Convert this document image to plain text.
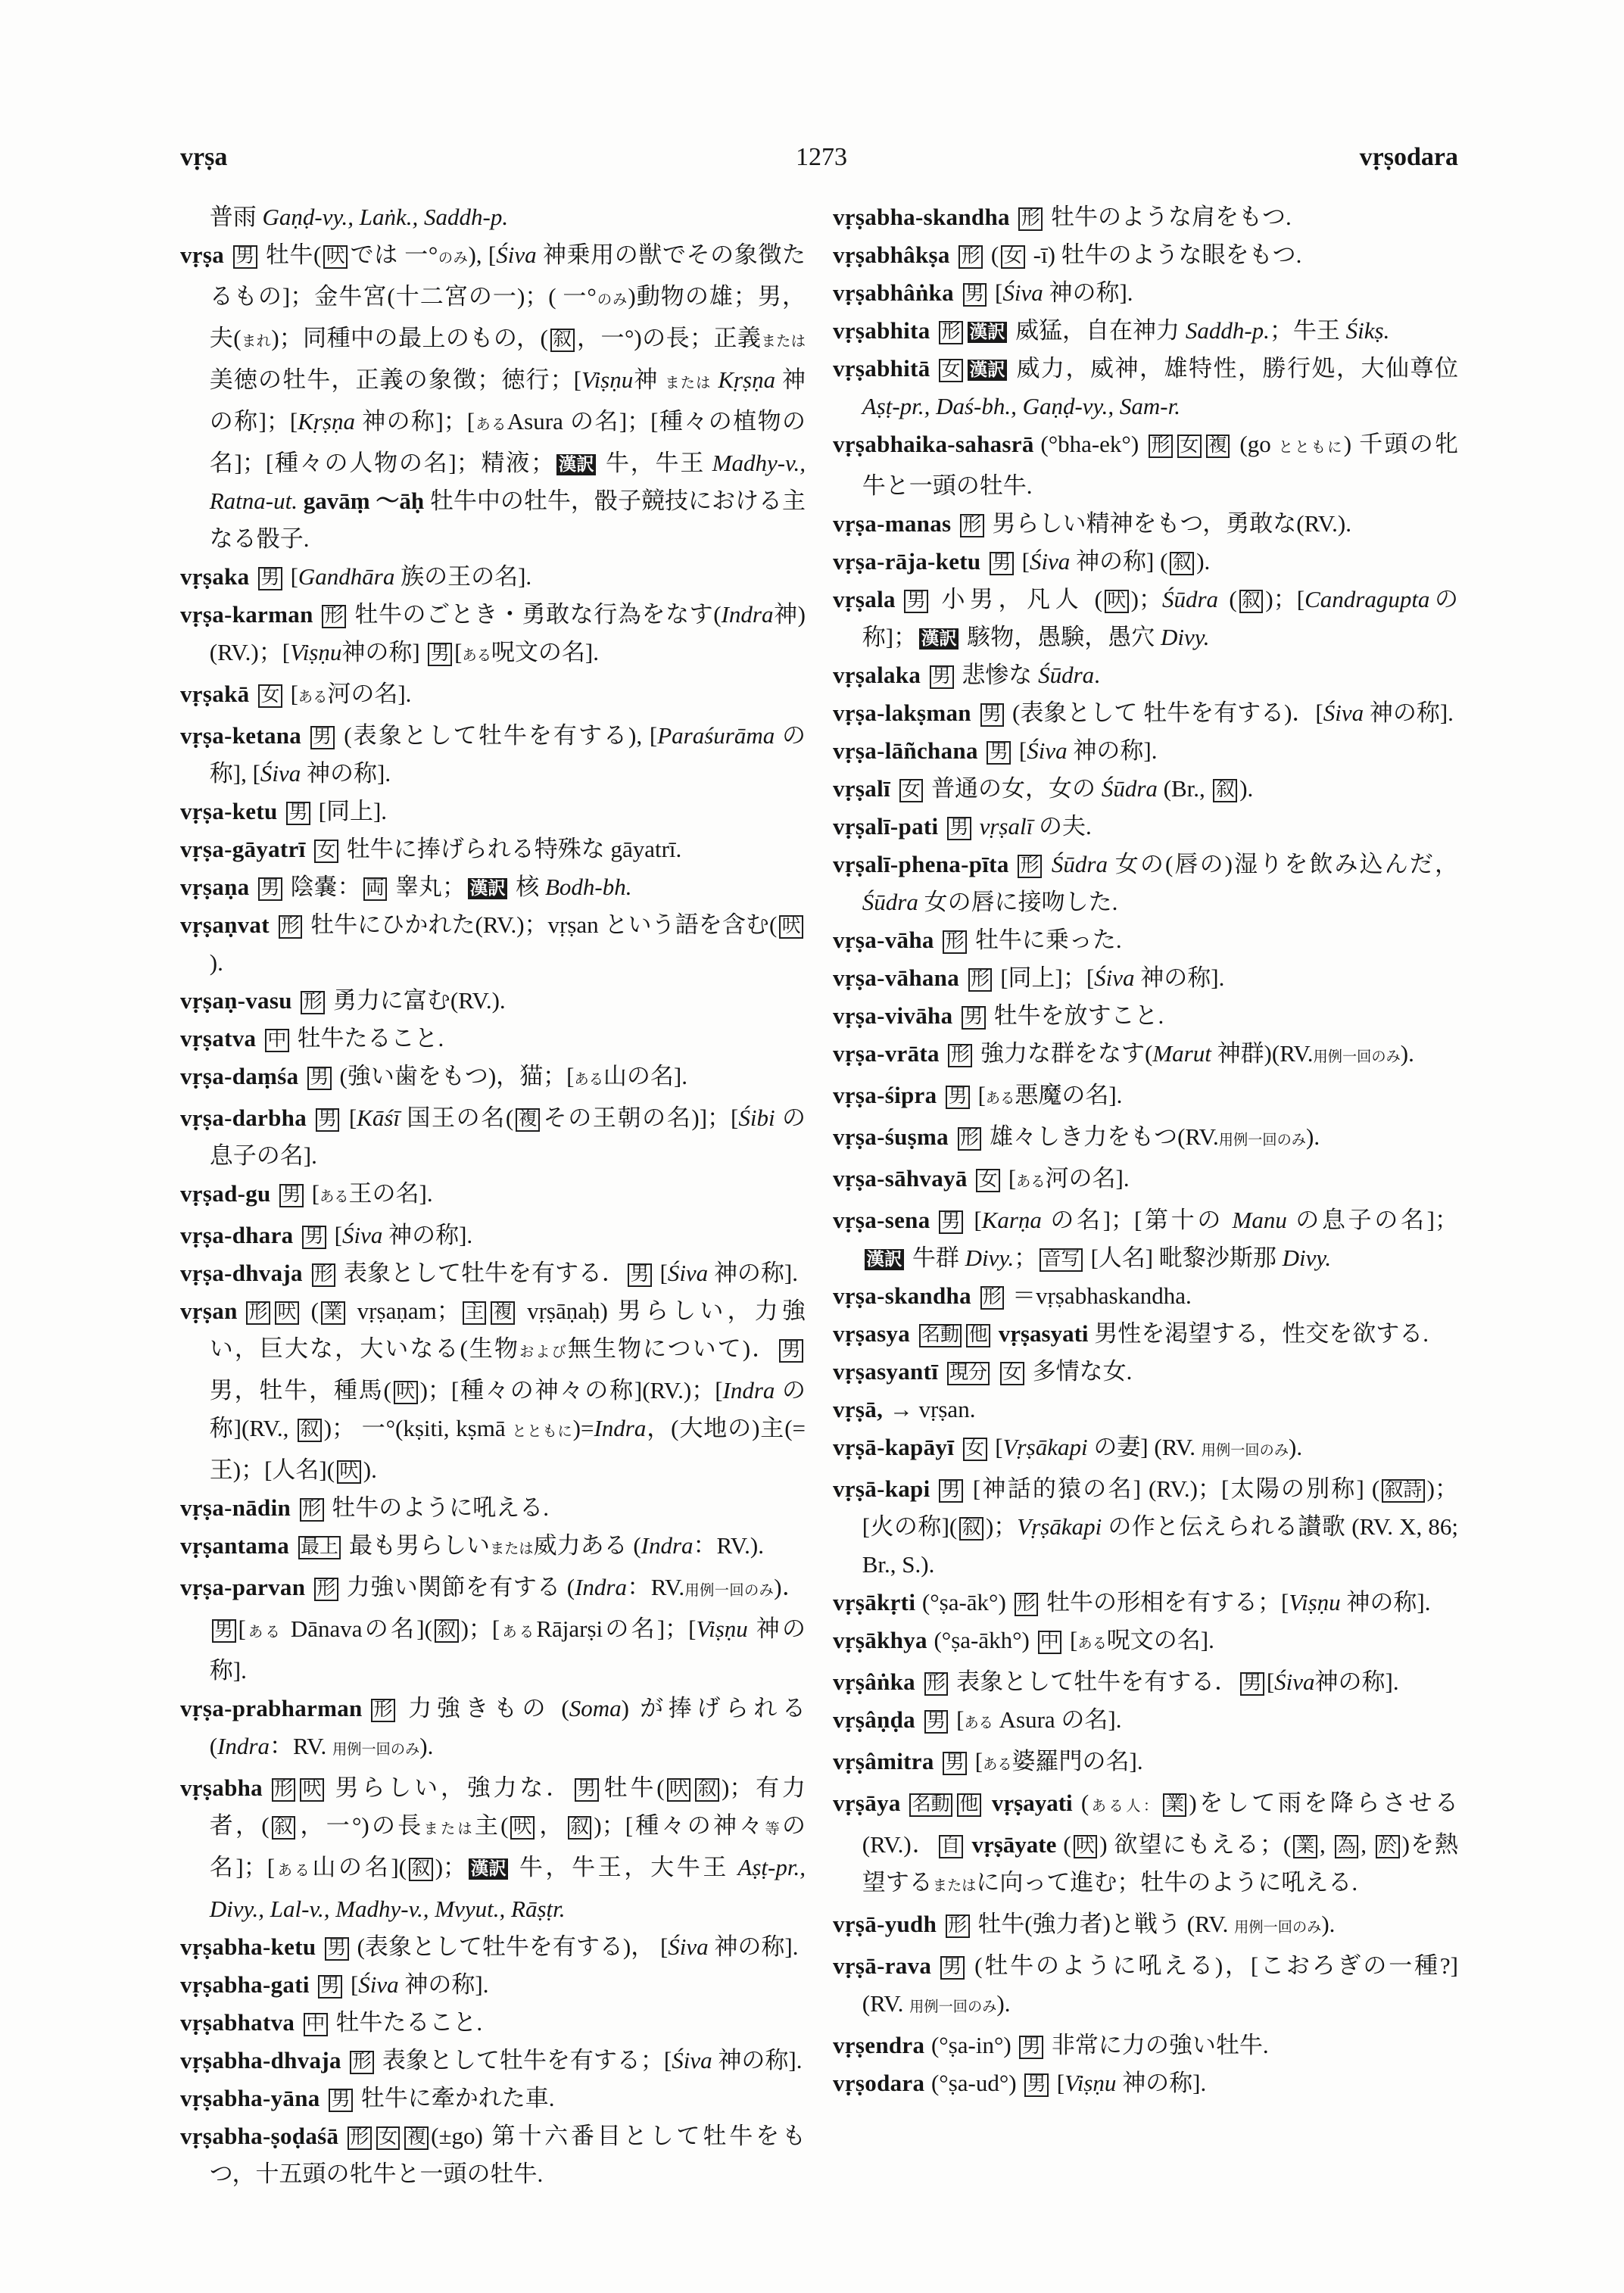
vṛṣa	1273	vṛṣodara
普雨 Gaṇḍ-vy., Laṅk., Saddh-p.
vṛṣa 男 牡牛( 吠 では 一°のみ), [Śiva 神乗用の獣でその象徴たるもの]；金牛宮(十二宮の一)；( 一°のみ)動物の雄；男，夫(まれ)；同種中の最上のもの，( 叙 ，一°)の長；正義または美徳の牡牛，正義の象徴；徳行；[Viṣṇu神 または Kṛṣṇa 神の称]；[Kṛṣṇa 神の称]；[あるAsura の名]；[種々の植物の名]；[種々の人物の名]；精液； 漢訳 牛，牛王 Madhy-v., Ratna-ut. gavāṃ ～āḥ 牡牛中の牡牛，骰子競技における主なる骰子.
vṛṣaka 男 [Gandhāra 族の王の名].
vṛṣa-karman 形 牡牛のごとき・勇敢な行為をなす(Indra神)(RV.)；[Viṣṇu神の称] 男 [ある呪文の名].
vṛṣakā 女 [ある河の名].
vṛṣa-ketana 男 (表象として牡牛を有する), [Paraśurāma の称], [Śiva 神の称].
vṛṣa-ketu 男 [同上].
vṛṣa-gāyatrī 女 牡牛に捧げられる特殊な gāyatrī.
vṛṣaṇa 男 陰嚢： 両 睾丸； 漢訳 核 Bodh-bh.
vṛṣaṇvat 形 牡牛にひかれた(RV.)；vṛṣan という語を含む( 吠).
vṛṣaṇ-vasu 形 勇力に富む(RV.).
vṛṣatva 中 牡牛たること.
vṛṣa-daṃśa 男 (強い歯をもつ)，猫；[ある山の名].
vṛṣa-darbha 男 [Kāśī 国王の名( 複 その王朝の名)]；[Śibi の息子の名].
vṛṣad-gu 男 [ある王の名].
vṛṣa-dhara 男 [Śiva 神の称].
vṛṣa-dhvaja 形 表象として牡牛を有する． 男 [Śiva 神の称].
vṛṣan 形 吠 ( 業 vṛṣaṇam； 主 複 vṛṣāṇaḥ) 男らしい，力強い，巨大な，大いなる(生物および無生物について)． 男 男，牡牛，種馬( 吠 )；[種々の神々の称](RV.)；[Indra の称](RV., 叙 )； 一°(kṣiti, kṣmā とともに)=Indra，(大地の)主(=王)；[人名]( 吠 ).
vṛṣa-nādin 形 牡牛のように吼える.
vṛṣantama 最上 最も男らしいまたは威力ある (Indra：RV.).
vṛṣa-parvan 形 力強い関節を有する (Indra：RV.用例一回のみ)．男 [ある Dānavaの名]( 叙 )；[あるRājarṣiの名]；[Viṣṇu 神の称].
vṛṣa-prabharman 形 力強きもの (Soma) が捧げられる (Indra：RV. 用例一回のみ).
vṛṣabha 形 吠 男らしい，強力な． 男 牡牛( 吠 叙 )；有力者，( 叙 ，一°)の長または主( 吠 ， 叙 )；[種々の神々等の名]；[ある山の名]( 叙 )； 漢訳 牛，牛王，大牛王 Aṣṭ-pr., Divy., Lal-v., Madhy-v., Mvyut., Rāṣṭr.
vṛṣabha-ketu 男 (表象として牡牛を有する)， [Śiva 神の称].
vṛṣabha-gati 男 [Śiva 神の称].
vṛṣabhatva 中 牡牛たること.
vṛṣabha-dhvaja 形 表象として牡牛を有する；[Śiva 神の称].
vṛṣabha-yāna 男 牡牛に牽かれた車.
vṛṣabha-ṣoḍaśā 形 女 複 (±go) 第十六番目として牡牛をもつ，十五頭の牝牛と一頭の牡牛.
vṛṣabha-skandha 形 牡牛のような肩をもつ.
vṛṣabhâkṣa 形 ( 女 -ī) 牡牛のような眼をもつ.
vṛṣabhâṅka 男 [Śiva 神の称].
vṛṣabhita 形 漢訳 威猛，自在神力 Saddh-p.；牛王 Śikṣ.
vṛṣabhitā 女 漢訳 威力，威神，雄特性，勝行処，大仙尊位 Aṣṭ-pr., Daś-bh., Gaṇḍ-vy., Sam-r.
vṛṣabhaika-sahasrā (°bha-ek°) 形 女 複 (go とともに) 千頭の牝牛と一頭の牡牛.
vṛṣa-manas 形 男らしい精神をもつ，勇敢な(RV.).
vṛṣa-rāja-ketu 男 [Śiva 神の称] ( 叙 ).
vṛṣala 男 小男，凡人 ( 吠 )；Śūdra ( 叙 )；[Candraguptaの 称]； 漢訳 駭物，愚験，愚穴 Divy.
vṛṣalaka 男 悲惨な Śūdra.
vṛṣa-lakṣman 男 (表象として 牡牛を有する)．[Śiva 神の称].
vṛṣa-lāñchana 男 [Śiva 神の称].
vṛṣalī 女 普通の女，女の Śūdra (Br., 叙 ).
vṛṣalī-pati 男 vṛṣalī の夫.
vṛṣalī-phena-pīta 形 Śūdra 女の(唇の)湿りを飲み込んだ，Śūdra 女の唇に接吻した.
vṛṣa-vāha 形 牡牛に乗った.
vṛṣa-vāhana 形 [同上]；[Śiva 神の称].
vṛṣa-vivāha 男 牡牛を放すこと.
vṛṣa-vrāta 形 強力な群をなす(Marut 神群)(RV.用例一回のみ).
vṛṣa-śipra 男 [ある悪魔の名].
vṛṣa-śuṣma 形 雄々しき力をもつ(RV.用例一回のみ).
vṛṣa-sāhvayā 女 [ある河の名].
vṛṣa-sena 男 [Karṇa の名]；[第十の Manu の息子の名]；漢訳 牛群 Divy.； 音写 [人名] 毗黎沙斯那 Divy.
vṛṣa-skandha 形 ＝vṛṣabhaskandha.
vṛṣasya 名動 他 vṛṣasyati 男性を渇望する，性交を欲する.
vṛṣasyantī 現分 女 多情な女.
vṛṣā, → vṛṣan.
vṛṣā-kapāyī 女 [Vṛṣākapi の妻] (RV. 用例一回のみ).
vṛṣā-kapi 男 [神話的猿の名] (RV.)；[太陽の別称] ( 叙詩 )；[火の称]( 叙 )；Vṛṣākapi の作と伝えられる讃歌 (RV. X, 86; Br., S.).
vṛṣākṛti (°ṣa-āk°) 形 牡牛の形相を有する；[Viṣṇu 神の称].
vṛṣākhya (°ṣa-ākh°) 中 [ある呪文の名].
vṛṣâṅka 形 表象として牡牛を有する． 男 [Śiva神の称].
vṛṣâṇḍa 男 [ある Asura の名].
vṛṣâmitra 男 [ある婆羅門の名].
vṛṣāya 名動 他 vṛṣayati (ある人： 業 )をして雨を降らさせる (RV.)． 自 vṛṣāyate ( 吠 ) 欲望にもえる；( 業 , 為 , 於 )を熱望するまたはに向って進む；牡牛のように吼える.
vṛṣā-yudh 形 牡牛(強力者)と戦う (RV. 用例一回のみ).
vṛṣā-rava 男 (牡牛のように吼える)，[こおろぎの一種?] (RV. 用例一回のみ).
vṛṣendra (°ṣa-in°) 男 非常に力の強い牡牛.
vṛṣodara (°ṣa-ud°) 男 [Viṣṇu 神の称].
